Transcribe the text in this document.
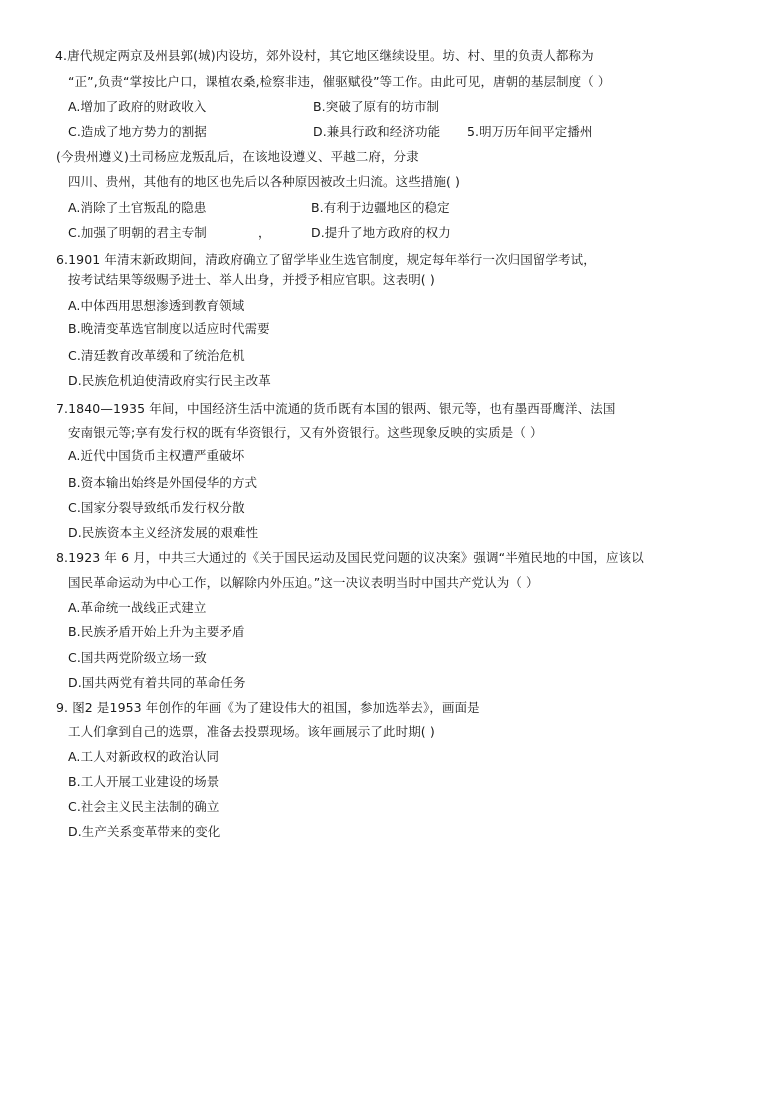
4.唐代规定两京及州县郭(城)内设坊，郊外设村，其它地区继续设里。坊、村、里的负责人都称为
“正”,负责“掌按比户口，课植农桑,检察非违，催驱赋役”等工作。由此可见，唐朝的基层制度（ ）
A.增加了政府的财政收入	B.突破了原有的坊市制
C.造成了地方势力的割据	D.兼具行政和经济功能 5.明万历年间平定播州
(今贵州遵义)土司杨应龙叛乱后，在该地设遵义、平越二府，分隶
四川、贵州，其他有的地区也先后以各种原因被改土归流。这些措施( )
A.消除了土官叛乱的隐患	B.有利于边疆地区的稳定
C.加强了明朝的君主专制	，	D.提升了地方政府的权力
6.1901 年清末新政期间，清政府确立了留学毕业生选官制度，规定每年举行一次归国留学考试，
按考试结果等级赐予进士、举人出身，并授予相应官职。这表明( )
A.中体西用思想渗透到教育领域
B.晚清变革选官制度以适应时代需要
C.清廷教育改革缓和了统治危机
D.民族危机迫使清政府实行民主改革
7.1840—1935 年间，中国经济生活中流通的货币既有本国的银两、银元等，也有墨西哥鹰洋、法国
安南银元等;享有发行权的既有华资银行，又有外资银行。这些现象反映的实质是（ ）
A.近代中国货币主权遭严重破坏
B.资本输出始终是外国侵华的方式
C.国家分裂导致纸币发行权分散
D.民族资本主义经济发展的艰难性
8.1923 年 6 月，中共三大通过的《关于国民运动及国民党问题的议决案》强调“半殖民地的中国，应该以
国民革命运动为中心工作，以解除内外压迫。”这一决议表明当时中国共产党认为（ ）
A.革命统一战线正式建立
B.民族矛盾开始上升为主要矛盾
C.国共两党阶级立场一致
D.国共两党有着共同的革命任务
9. 图2 是1953 年创作的年画《为了建设伟大的祖国，参加选举去》，画面是
工人们拿到自己的选票，准备去投票现场。该年画展示了此时期( )
A.工人对新政权的政治认同
B.工人开展工业建设的场景
C.社会主义民主法制的确立
D.生产关系变革带来的变化
